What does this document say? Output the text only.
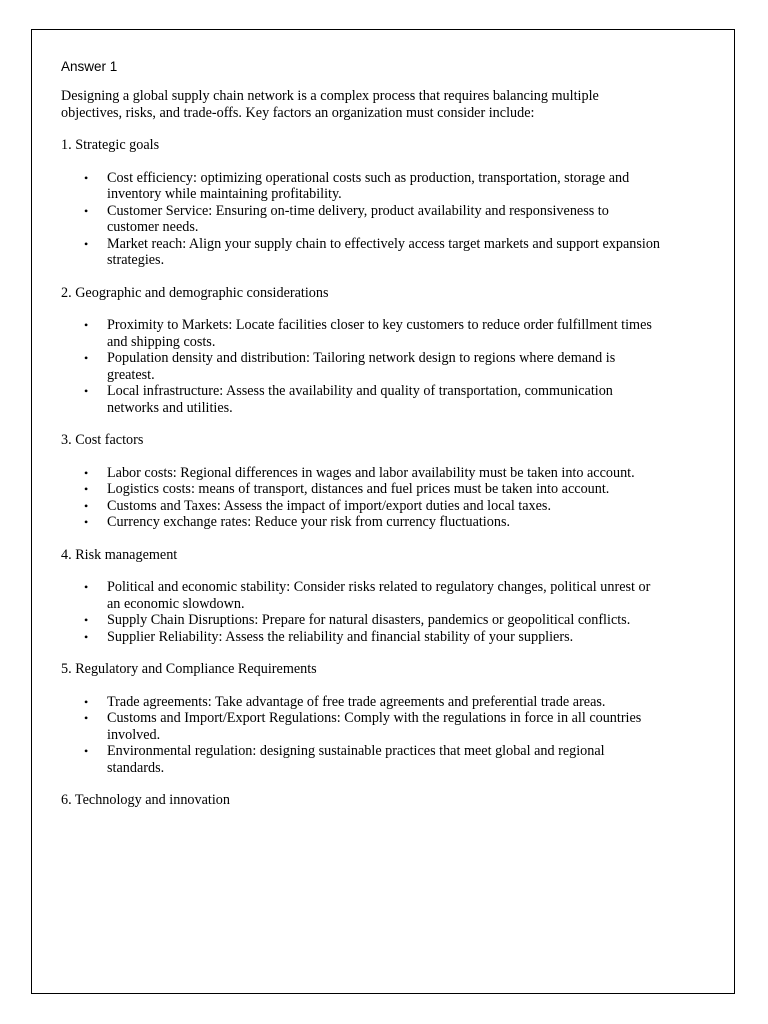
Answer 1
Designing a global supply chain network is a complex process that requires balancing multiple objectives, risks, and trade-offs. Key factors an organization must consider include:
1. Strategic goals
• Cost efficiency: optimizing operational costs such as production, transportation, storage and inventory while maintaining profitability.
• Customer Service: Ensuring on-time delivery, product availability and responsiveness to customer needs.
• Market reach: Align your supply chain to effectively access target markets and support expansion strategies.
2. Geographic and demographic considerations
• Proximity to Markets: Locate facilities closer to key customers to reduce order fulfillment times and shipping costs.
• Population density and distribution: Tailoring network design to regions where demand is greatest.
• Local infrastructure: Assess the availability and quality of transportation, communication networks and utilities.
3. Cost factors
• Labor costs: Regional differences in wages and labor availability must be taken into account.
• Logistics costs: means of transport, distances and fuel prices must be taken into account.
• Customs and Taxes: Assess the impact of import/export duties and local taxes.
• Currency exchange rates: Reduce your risk from currency fluctuations.
4. Risk management
• Political and economic stability: Consider risks related to regulatory changes, political unrest or an economic slowdown.
• Supply Chain Disruptions: Prepare for natural disasters, pandemics or geopolitical conflicts.
• Supplier Reliability: Assess the reliability and financial stability of your suppliers.
5. Regulatory and Compliance Requirements
• Trade agreements: Take advantage of free trade agreements and preferential trade areas.
• Customs and Import/Export Regulations: Comply with the regulations in force in all countries involved.
• Environmental regulation: designing sustainable practices that meet global and regional standards.
6. Technology and innovation
